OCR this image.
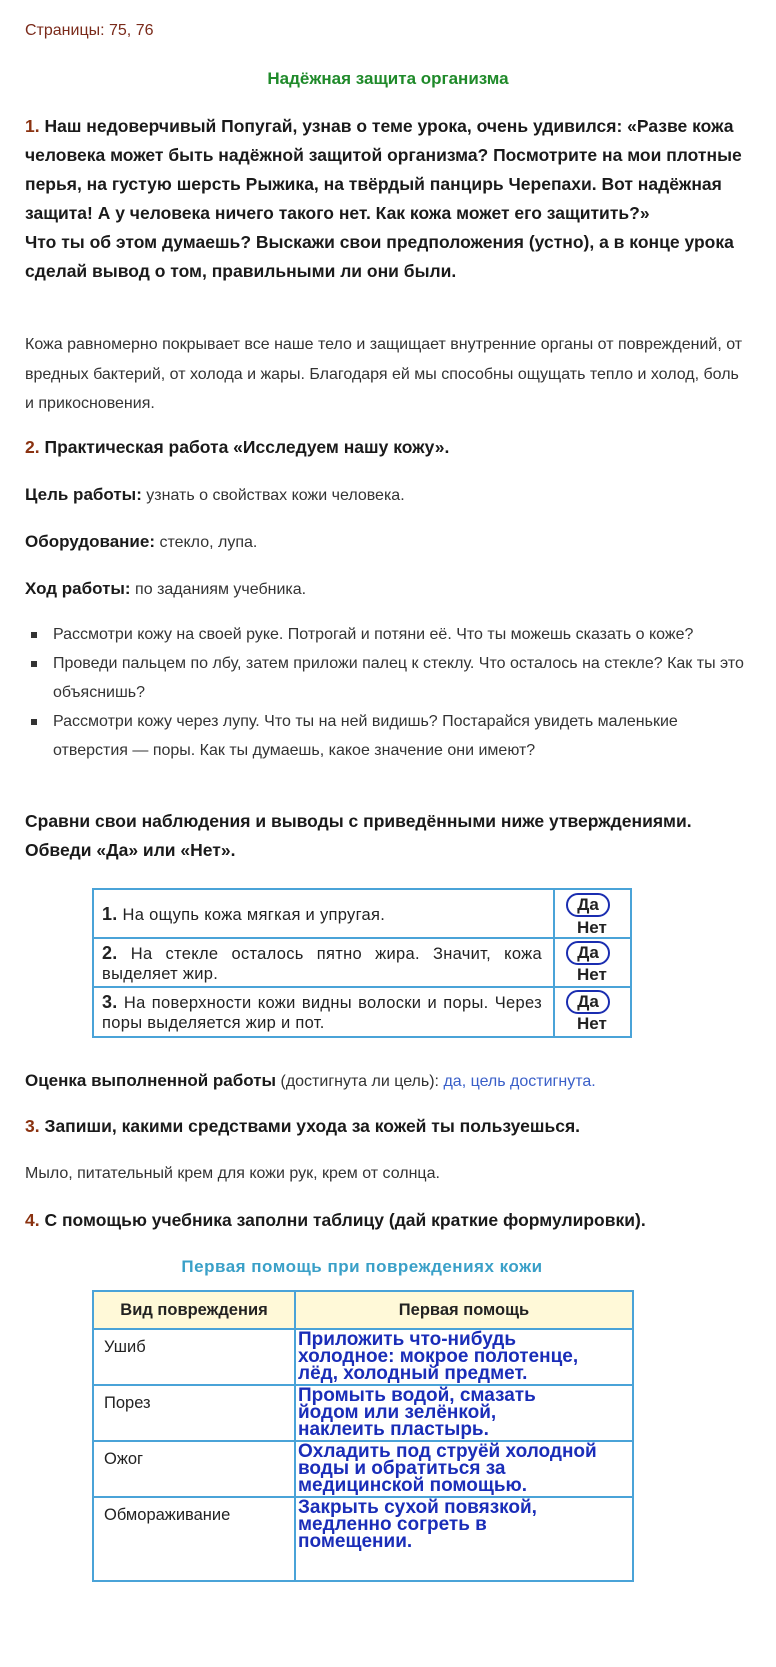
Страницы: 75, 76
Надёжная защита организма
1. Наш недоверчивый Попугай, узнав о теме урока, очень удивился: «Разве кожа человека может быть надёжной защитой организма? Посмотрите на мои плотные перья, на густую шерсть Рыжика, на твёрдый панцирь Черепахи. Вот надёжная защита! А у человека ничего такого нет. Как кожа может его защитить?»
Что ты об этом думаешь? Выскажи свои предположения (устно), а в конце урока сделай вывод о том, правильными ли они были.
Кожа равномерно покрывает все наше тело и защищает внутренние органы от повреждений, от вредных бактерий, от холода и жары. Благодаря ей мы способны ощущать тепло и холод, боль и прикосновения.
2. Практическая работа «Исследуем нашу кожу».
Цель работы: узнать о свойствах кожи человека.
Оборудование: стекло, лупа.
Ход работы: по заданиям учебника.
Рассмотри кожу на своей руке. Потрогай и потяни её. Что ты можешь сказать о коже?
Проведи пальцем по лбу, затем приложи палец к стеклу. Что осталось на стекле? Как ты это объяснишь?
Рассмотри кожу через лупу. Что ты на ней видишь? Постарайся увидеть маленькие отверстия — поры. Как ты думаешь, какое значение они имеют?
Сравни свои наблюдения и выводы с приведёнными ниже утверждениями. Обведи «Да» или «Нет».
1. На ощупь кожа мягкая и упругая.
Да
Нет
2. На стекле осталось пятно жира. Значит, кожа выделяет жир.
Да
Нет
3. На поверхности кожи видны волоски и поры. Через поры выделяется жир и пот.
Да
Нет
Оценка выполненной работы (достигнута ли цель): да, цель достигнута.
3. Запиши, какими средствами ухода за кожей ты пользуешься.
Мыло, питательный крем для кожи рук, крем от солнца.
4. С помощью учебника заполни таблицу (дай краткие формулировки).
Первая помощь при повреждениях кожи
Вид повреждения	Первая помощь
Ушиб	Приложить что-нибудь
холодное: мокрое полотенце,
лёд, холодный предмет.
Порез	Промыть водой, смазать
йодом или зелёнкой,
наклеить пластырь.
Ожог	Охладить под струёй холодной
воды и обратиться за
медицинской помощью.
Обмораживание	Закрыть сухой повязкой,
медленно согреть в
помещении.
